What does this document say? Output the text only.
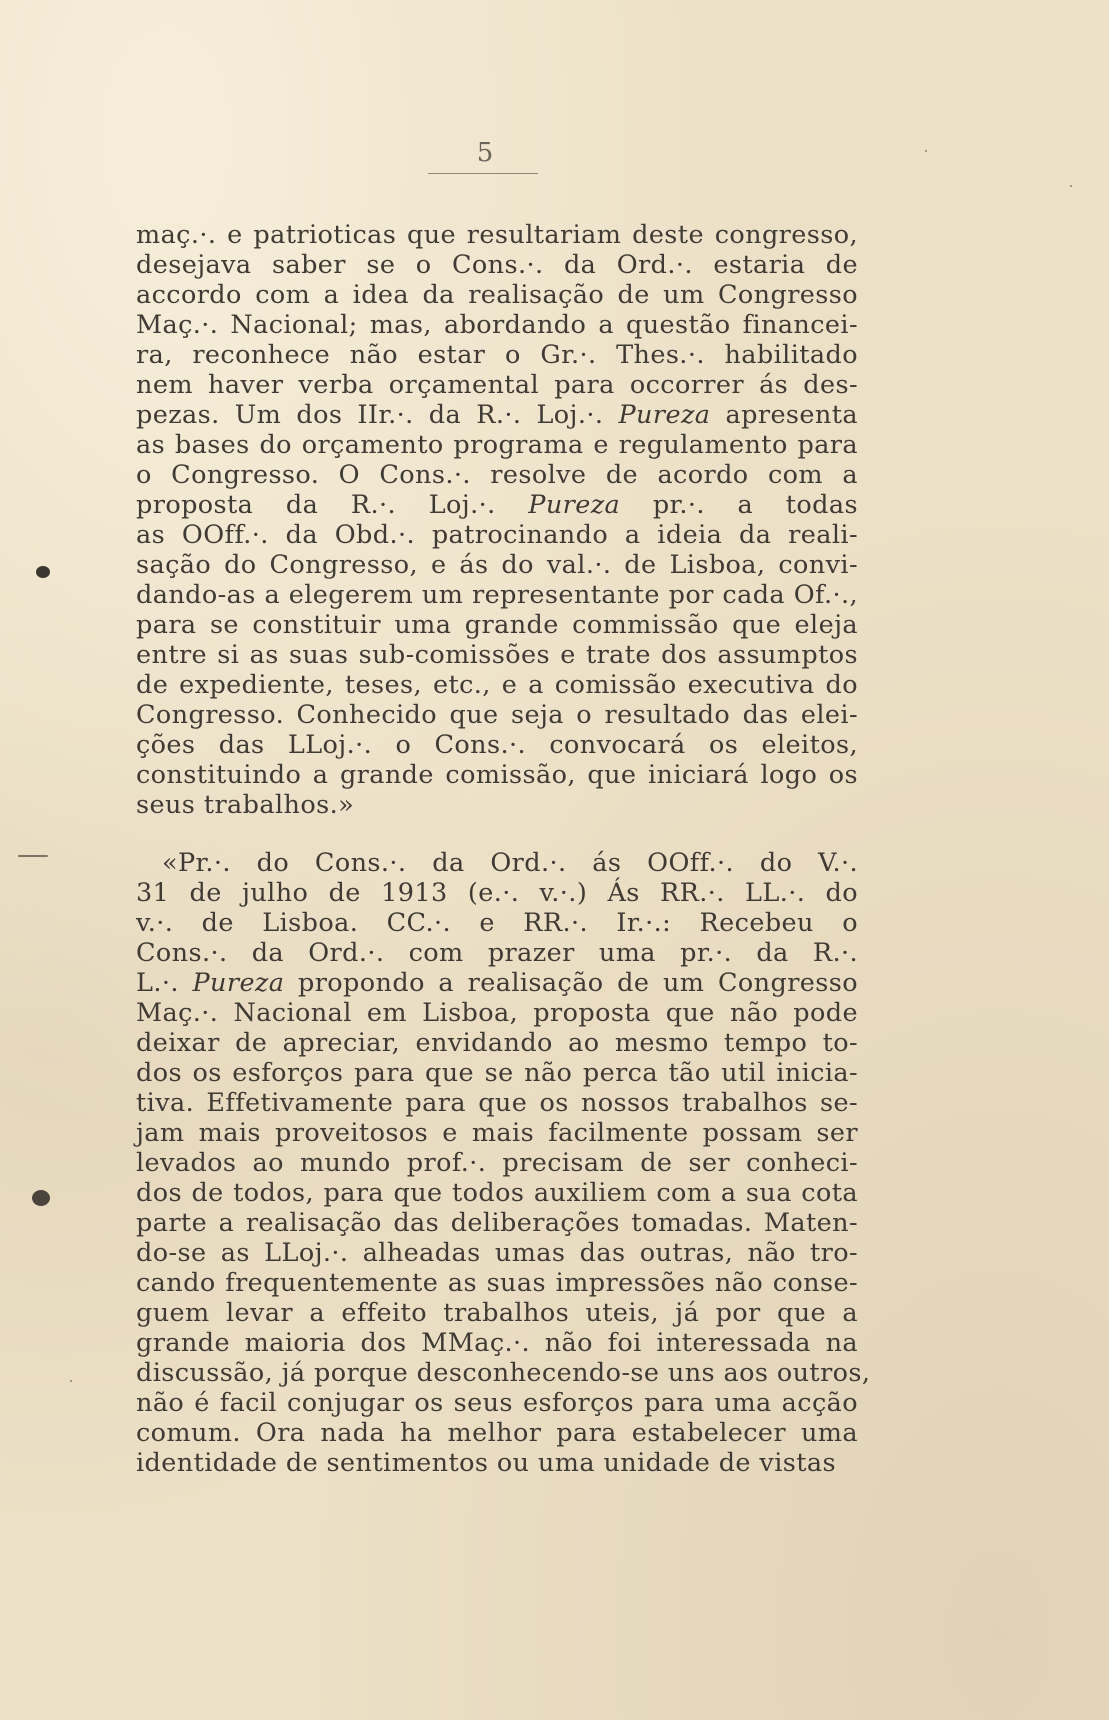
5
maç.·. e patrioticas que resultariam deste congresso,
desejava saber se o Cons.·. da Ord.·. estaria de
accordo com a idea da realisação de um Congresso
Maç.·. Nacional; mas, abordando a questão financei-
ra, reconhece não estar o Gr.·. Thes.·. habilitado
nem haver verba orçamental para occorrer ás des-
pezas. Um dos IIr.·. da R.·. Loj.·. Pureza apresenta
as bases do orçamento programa e regulamento para
o Congresso. O Cons.·. resolve de acordo com a
proposta da R.·. Loj.·. Pureza pr.·. a todas
as OOff.·. da Obd.·. patrocinando a ideia da reali-
sação do Congresso, e ás do val.·. de Lisboa, convi-
dando-as a elegerem um representante por cada Of.·.,
para se constituir uma grande commissão que eleja
entre si as suas sub-comissões e trate dos assumptos
de expediente, teses, etc., e a comissão executiva do
Congresso. Conhecido que seja o resultado das elei-
ções das LLoj.·. o Cons.·. convocará os eleitos,
constituindo a grande comissão, que iniciará logo os
seus trabalhos.»
«Pr.·. do Cons.·. da Ord.·. ás OOff.·. do V.·.
31 de julho de 1913 (e.·. v.·.) Ás RR.·. LL.·. do
v.·. de Lisboa. CC.·. e RR.·. Ir.·.: Recebeu o
Cons.·. da Ord.·. com prazer uma pr.·. da R.·.
L.·. Pureza propondo a realisação de um Congresso
Maç.·. Nacional em Lisboa, proposta que não pode
deixar de apreciar, envidando ao mesmo tempo to-
dos os esforços para que se não perca tão util inicia-
tiva. Effetivamente para que os nossos trabalhos se-
jam mais proveitosos e mais facilmente possam ser
levados ao mundo prof.·. precisam de ser conheci-
dos de todos, para que todos auxiliem com a sua cota
parte a realisação das deliberações tomadas. Maten-
do-se as LLoj.·. alheadas umas das outras, não tro-
cando frequentemente as suas impressões não conse-
guem levar a effeito trabalhos uteis, já por que a
grande maioria dos MMaç.·. não foi interessada na
discussão, já porque desconhecendo-se uns aos outros,
não é facil conjugar os seus esforços para uma acção
comum. Ora nada ha melhor para estabelecer uma
identidade de sentimentos ou uma unidade de vistas
